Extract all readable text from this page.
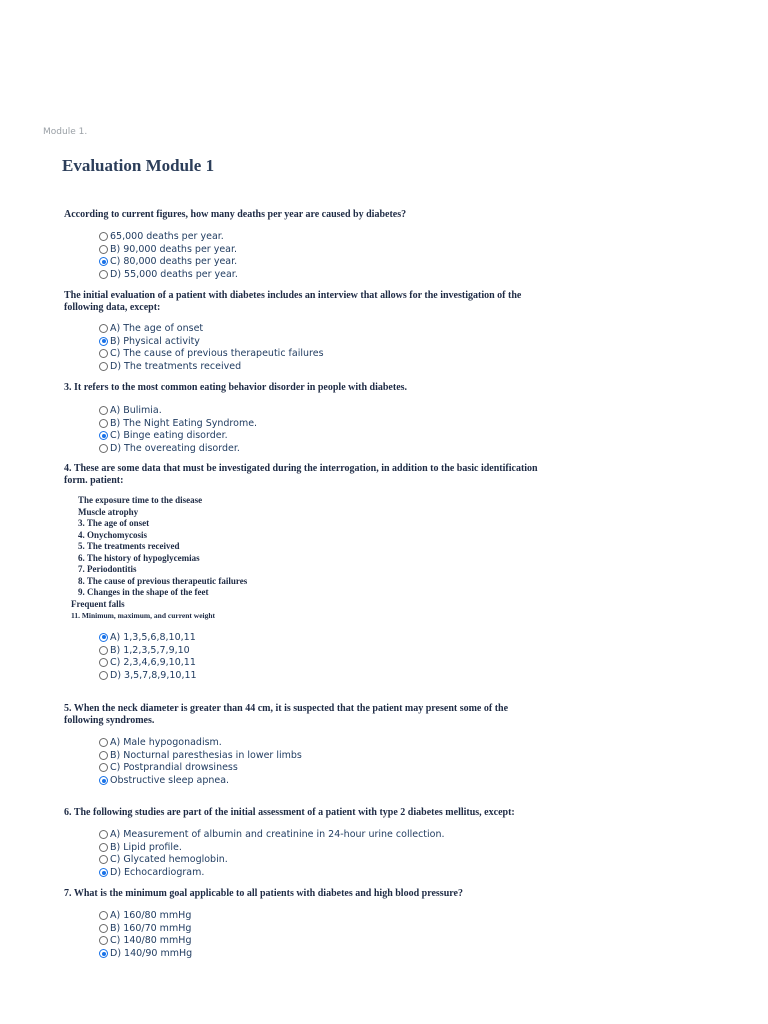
Module 1.
Evaluation Module 1

According to current figures, how many deaths per year are caused by diabetes?

65,000 deaths per year.
B) 90,000 deaths per year.
C) 80,000 deaths per year.
D) 55,000 deaths per year.

The initial evaluation of a patient with diabetes includes an interview that allows for the investigation of the following data, except:

A) The age of onset
B) Physical activity
C) The cause of previous therapeutic failures
D) The treatments received

3. It refers to the most common eating behavior disorder in people with diabetes.

A) Bulimia.
B) The Night Eating Syndrome.
C) Binge eating disorder.
D) The overeating disorder.

4. These are some data that must be investigated during the interrogation, in addition to the basic identification form. patient:

The exposure time to the disease
Muscle atrophy
3. The age of onset
4. Onychomycosis
5. The treatments received
6. The history of hypoglycemias
7. Periodontitis
8. The cause of previous therapeutic failures
9. Changes in the shape of the feet
Frequent falls
11. Minimum, maximum, and current weight
A) 1,3,5,6,8,10,11
B) 1,2,3,5,7,9,10
C) 2,3,4,6,9,10,11
D) 3,5,7,8,9,10,11

5. When the neck diameter is greater than 44 cm, it is suspected that the patient may present some of the following syndromes.

A) Male hypogonadism.
B) Nocturnal paresthesias in lower limbs
C) Postprandial drowsiness
Obstructive sleep apnea.

6. The following studies are part of the initial assessment of a patient with type 2 diabetes mellitus, except:

A) Measurement of albumin and creatinine in 24-hour urine collection.
B) Lipid profile.
C) Glycated hemoglobin.
D) Echocardiogram.

7. What is the minimum goal applicable to all patients with diabetes and high blood pressure?

A) 160/80 mmHg
B) 160/70 mmHg
C) 140/80 mmHg
D) 140/90 mmHg
